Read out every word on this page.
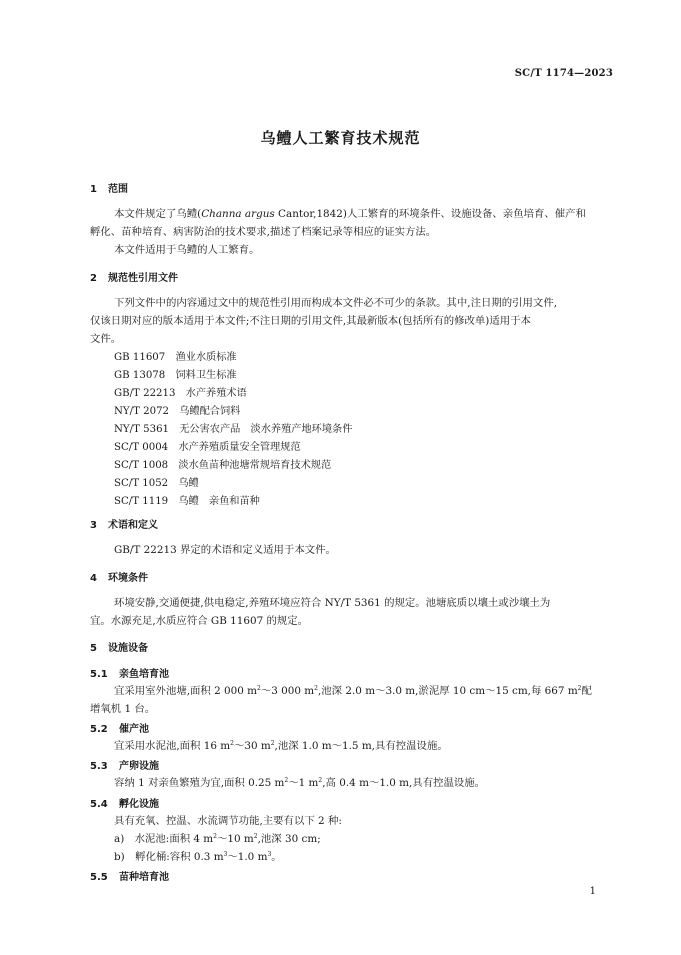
SC/T 1174—2023
乌鳢人工繁育技术规范
1 范围
本文件规定了乌鳢(Channa argus Cantor,1842)人工繁育的环境条件、设施设备、亲鱼培育、催产和
孵化、苗种培育、病害防治的技术要求,描述了档案记录等相应的证实方法。
本文件适用于乌鳢的人工繁育。
2 规范性引用文件
下列文件中的内容通过文中的规范性引用而构成本文件必不可少的条款。其中,注日期的引用文件,
仅该日期对应的版本适用于本文件;不注日期的引用文件,其最新版本(包括所有的修改单)适用于本
文件。
GB 11607　 渔业水质标准
GB 13078　 饲料卫生标准
GB/T 22213　 水产养殖术语
NY/T 2072　 乌鳢配合饲料
NY/T 5361　 无公害农产品　淡水养殖产地环境条件
SC/T 0004　 水产养殖质量安全管理规范
SC/T 1008　 淡水鱼苗种池塘常规培育技术规范
SC/T 1052　 乌鳢
SC/T 1119　 乌鳢　亲鱼和苗种
3 术语和定义
GB/T 22213 界定的术语和定义适用于本文件。
4 环境条件
环境安静,交通便捷,供电稳定,养殖环境应符合 NY/T 5361 的规定。池塘底质以壤土或沙壤土为
宜。水源充足,水质应符合 GB 11607 的规定。
5 设施设备
5.1 亲鱼培育池
宜采用室外池塘,面积 2 000 $m^2\sim 3$ 000 $m^2$,池深 2.0 m～3.0 m,淤泥厚 10 cm～15 cm,每 667 $m^2$配
增氧机 1 台。
5.2 催产池
宜采用水泥池,面积 16 $m^2\sim 30$ $m^2$,池深 1.0 m～1.5 m,具有控温设施。
5.3 产卵设施
容纳 1 对亲鱼繁殖为宜,面积 0.25 $m^2\sim 1$ $m^2$,高 0.4 m～1.0 m,具有控温设施。
5.4 孵化设施
具有充氧、控温、水流调节功能,主要有以下 2 种:
a)　 水泥池:面积 4 $m^2\sim 10$ $m^2$,池深 30 cm;
b)　 孵化桶:容积 0.3 $m^3\sim 1.0$ $m^3$。
5.5 苗种培育池
1
